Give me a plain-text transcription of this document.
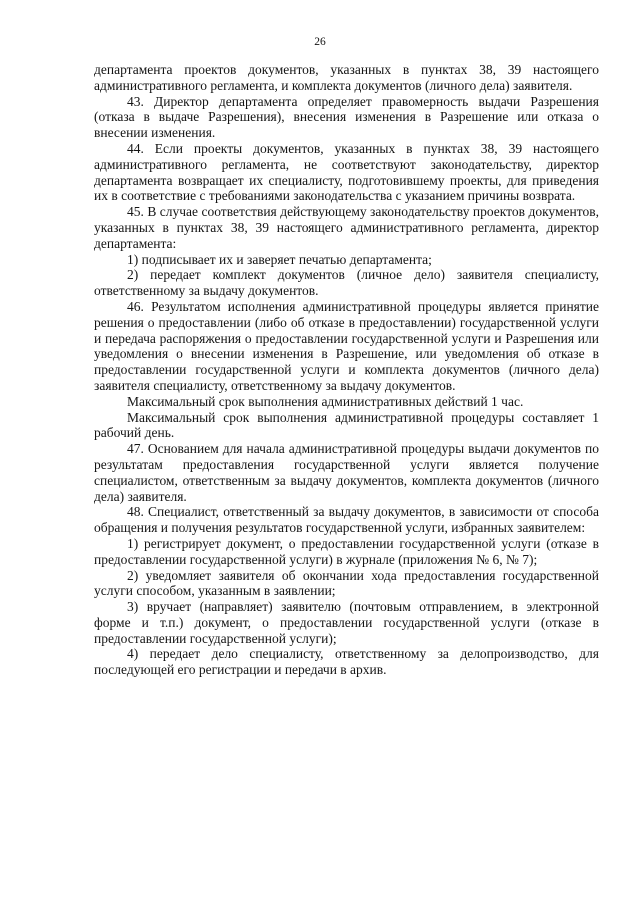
26

департамента проектов документов, указанных в пунктах 38, 39 настоящего административного регламента, и комплекта документов (личного дела) заявителя.

43. Директор департамента определяет правомерность выдачи Разрешения (отказа в выдаче Разрешения), внесения изменения в Разрешение или отказа о внесении изменения.

44. Если проекты документов, указанных в пунктах 38, 39 настоящего административного регламента, не соответствуют законодательству, директор департамента возвращает их специалисту, подготовившему проекты, для приведения их в соответствие с требованиями законодательства с указанием причины возврата.

45. В случае соответствия действующему законодательству проектов документов, указанных в пунктах 38, 39 настоящего административного регламента, директор департамента:

1) подписывает их и заверяет печатью департамента;

2) передает комплект документов (личное дело) заявителя специалисту, ответственному за выдачу документов.

46. Результатом исполнения административной процедуры является принятие решения о предоставлении (либо об отказе в предоставлении) государственной услуги и передача распоряжения о предоставлении государственной услуги и Разрешения или уведомления о внесении изменения в Разрешение, или уведомления об отказе в предоставлении государственной услуги и комплекта документов (личного дела) заявителя специалисту, ответственному за выдачу документов.

Максимальный срок выполнения административных действий 1 час.

Максимальный срок выполнения административной процедуры составляет 1 рабочий день.

47. Основанием для начала административной процедуры выдачи документов по результатам предоставления государственной услуги является получение специалистом, ответственным за выдачу документов, комплекта документов (личного дела) заявителя.

48. Специалист, ответственный за выдачу документов, в зависимости от способа обращения и получения результатов государственной услуги, избранных заявителем:

1) регистрирует документ, о предоставлении государственной услуги (отказе в предоставлении государственной услуги) в журнале (приложения № 6, № 7);

2) уведомляет заявителя об окончании хода предоставления государственной услуги способом, указанным в заявлении;

3) вручает (направляет) заявителю (почтовым отправлением, в электронной форме и т.п.) документ, о предоставлении государственной услуги (отказе в предоставлении государственной услуги);

4) передает дело специалисту, ответственному за делопроизводство, для последующей его регистрации и передачи в архив.
